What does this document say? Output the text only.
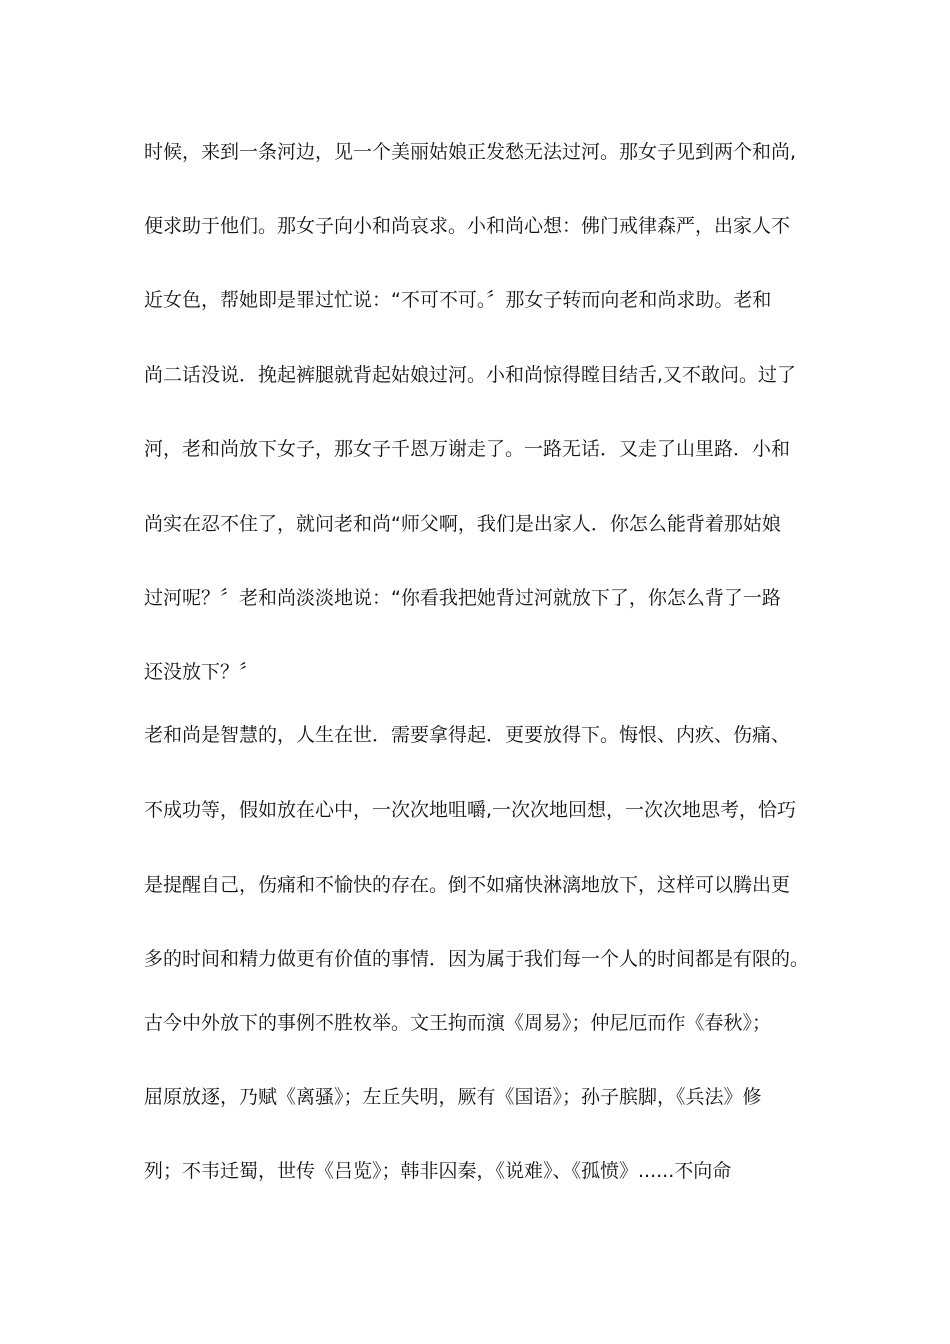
时候，来到一条河边，见一个美丽姑娘正发愁无法过河。那女子见到两个和尚,
便求助于他们。那女子向小和尚哀求。小和尚心想：佛门戒律森严，出家人不
近女色，帮她即是罪过忙说：“不可不可。〞那女子转而向老和尚求助。老和
尚二话没说．挽起裤腿就背起姑娘过河。小和尚惊得瞠目结舌,又不敢问。过了
河，老和尚放下女子，那女子千恩万谢走了。一路无话．又走了山里路．小和
尚实在忍不住了，就问老和尚“师父啊，我们是出家人．你怎么能背着那姑娘
过河呢？〞老和尚淡淡地说：“你看我把她背过河就放下了，你怎么背了一路
还没放下？〞
老和尚是智慧的，人生在世．需要拿得起．更要放得下。悔恨、内疚、伤痛、
不成功等，假如放在心中，一次次地咀嚼,一次次地回想，一次次地思考，恰巧
是提醒自己，伤痛和不愉快的存在。倒不如痛快淋漓地放下，这样可以腾出更
多的时间和精力做更有价值的事情．因为属于我们每一个人的时间都是有限的。
古今中外放下的事例不胜枚举。文王拘而演《周易》；仲尼厄而作《春秋》；
屈原放逐，乃赋《离骚》；左丘失明，厥有《国语》；孙子膑脚，《兵法》修
列；不韦迁蜀，世传《吕览》；韩非囚秦，《说难》、《孤愤》......不向命
